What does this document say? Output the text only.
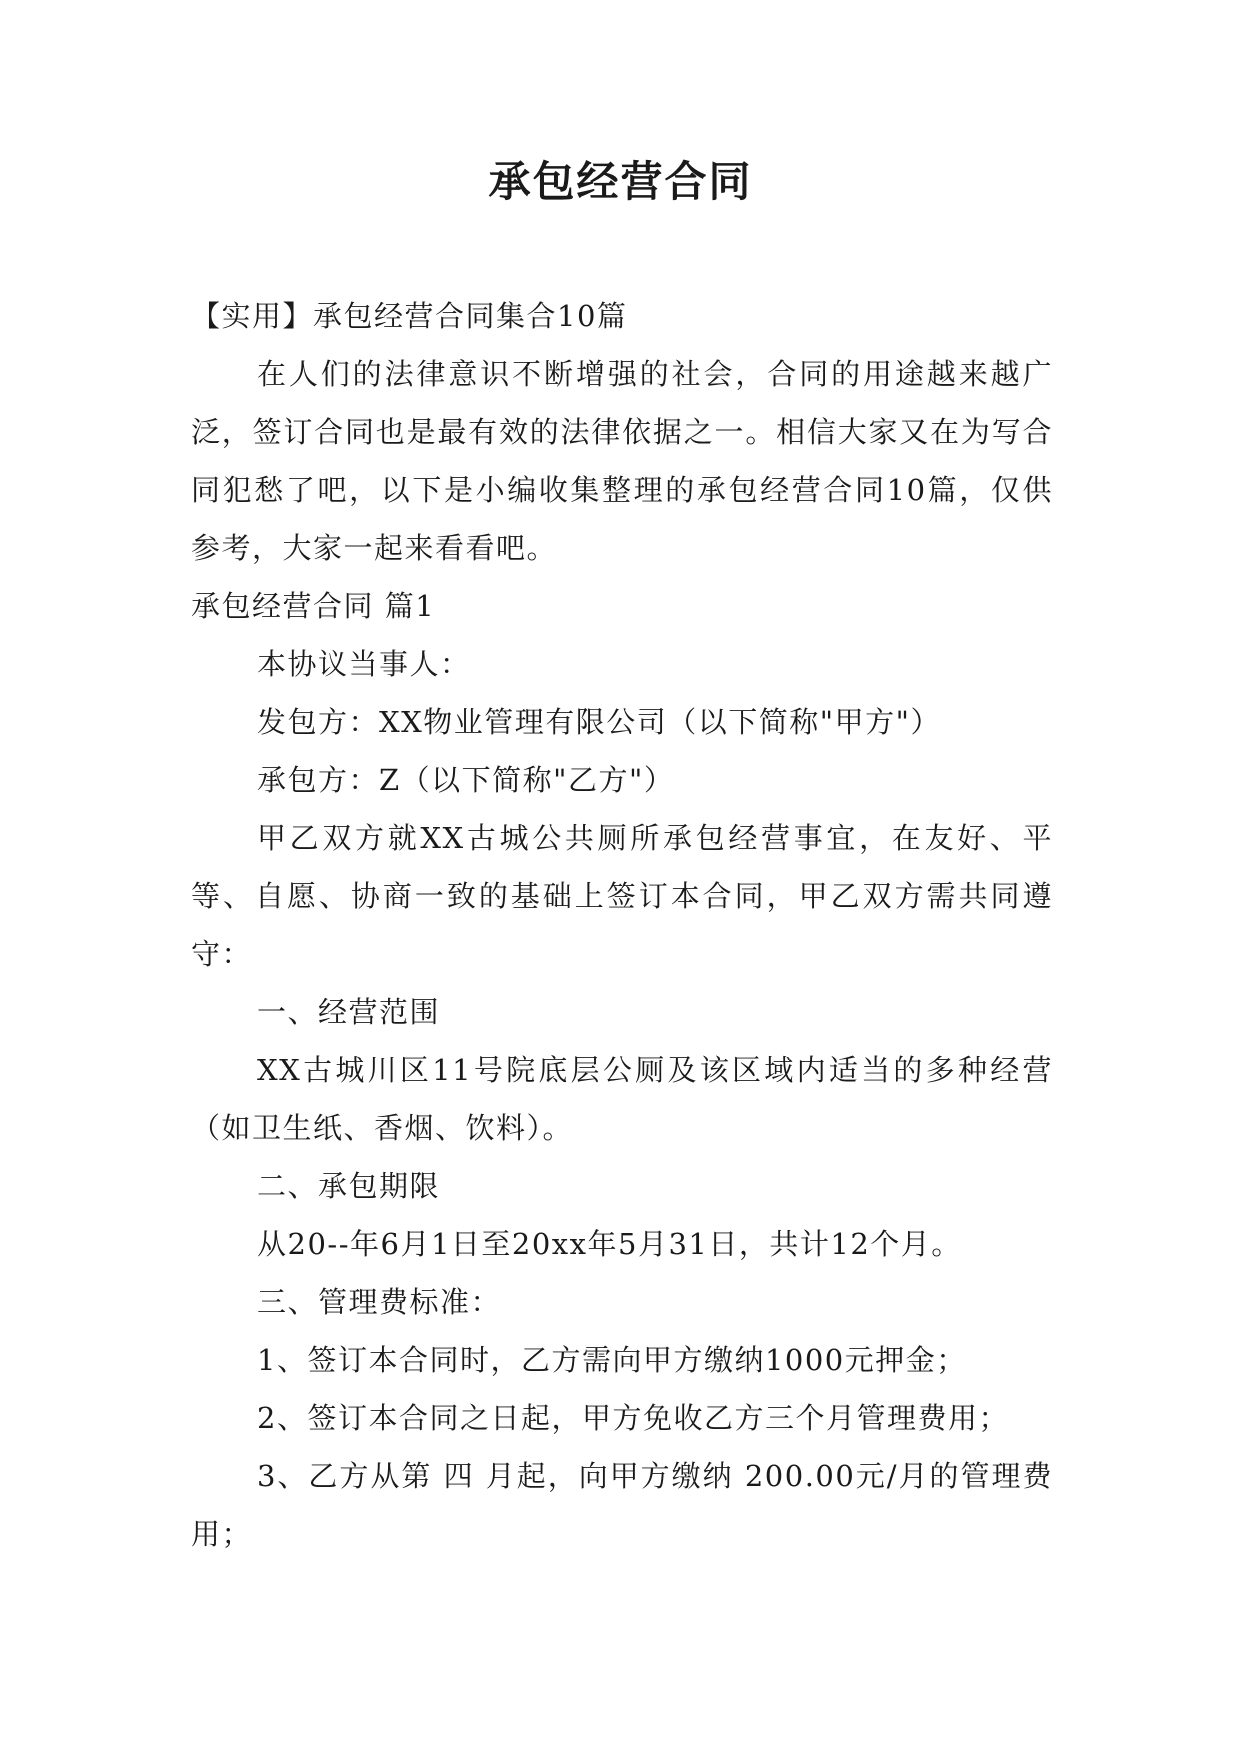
承包经营合同

【实用】承包经营合同集合10篇

在人们的法律意识不断增强的社会，合同的用途越来越广泛，签订合同也是最有效的法律依据之一。相信大家又在为写合同犯愁了吧，以下是小编收集整理的承包经营合同10篇，仅供参考，大家一起来看看吧。

承包经营合同 篇1

本协议当事人：

发包方：XX物业管理有限公司（以下简称"甲方"）

承包方：Z（以下简称"乙方"）

甲乙双方就XX古城公共厕所承包经营事宜，在友好、平等、自愿、协商一致的基础上签订本合同，甲乙双方需共同遵守：

一、经营范围

XX古城川区11号院底层公厕及该区域内适当的多种经营（如卫生纸、香烟、饮料）。

二、承包期限

从20--年6月1日至20xx年5月31日，共计12个月。

三、管理费标准：

1、签订本合同时，乙方需向甲方缴纳1000元押金；

2、签订本合同之日起，甲方免收乙方三个月管理费用；

3、乙方从第 四 月起，向甲方缴纳 200.00元/月的管理费用；
